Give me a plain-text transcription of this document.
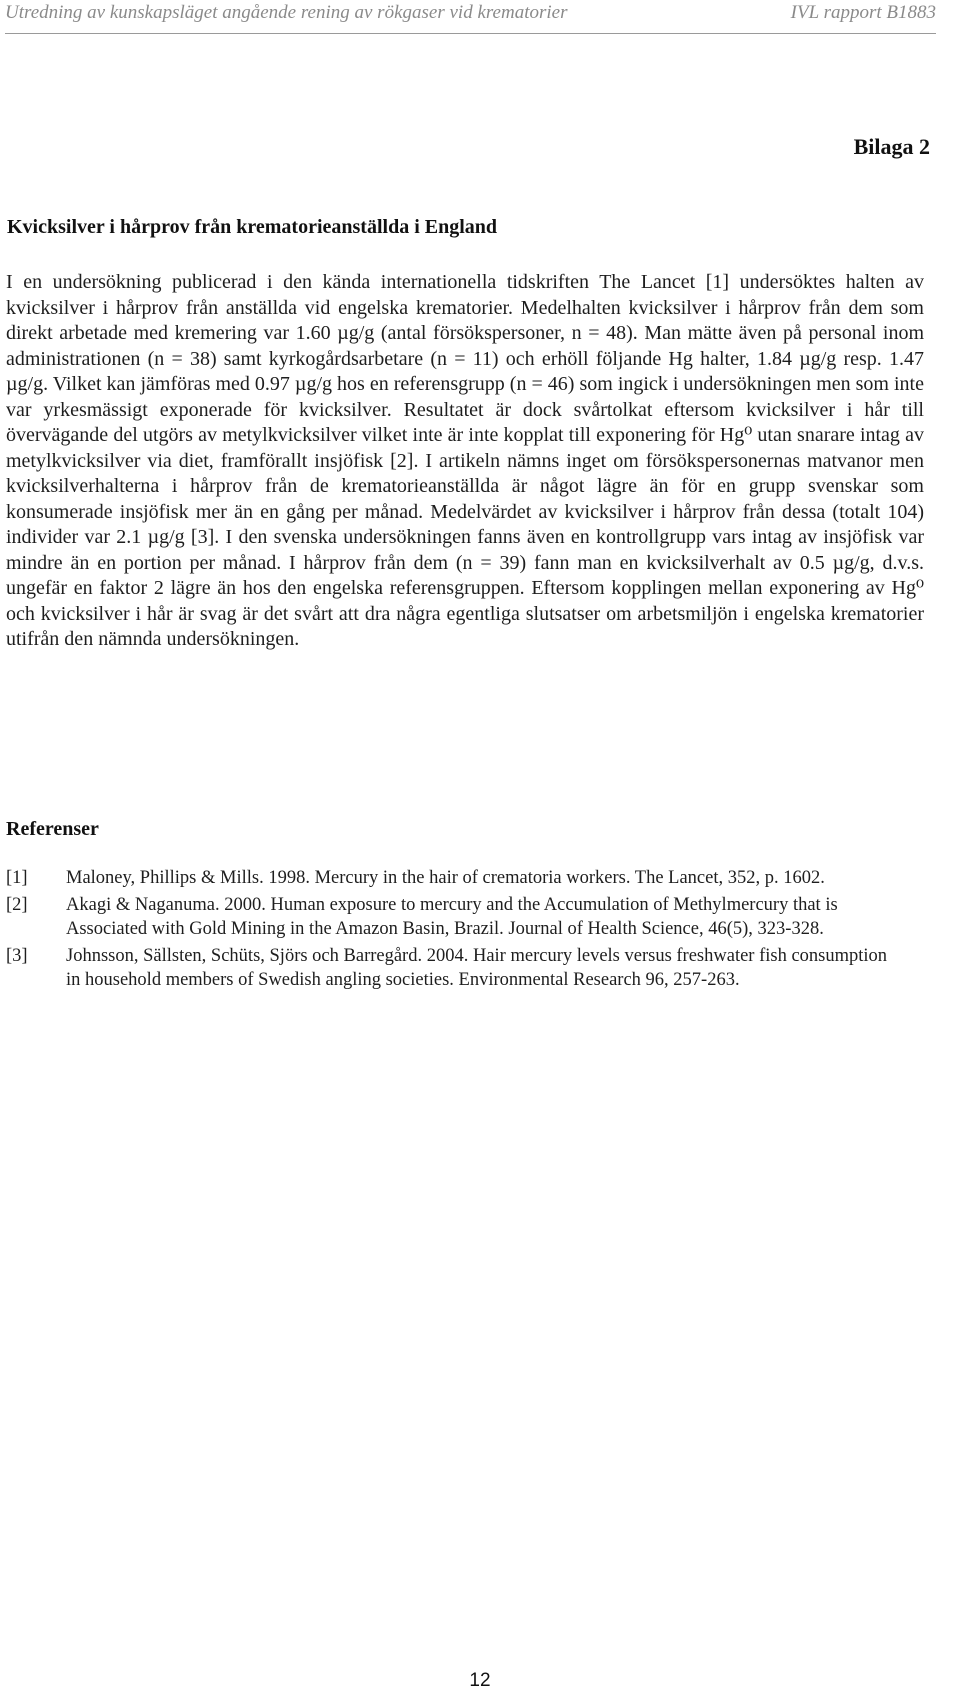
Utredning av kunskapsläget angående rening av rökgaser vid krematorier	IVL rapport B1883
Bilaga 2
Kvicksilver i hårprov från krematorieanställda i England

I en undersökning publicerad i den kända internationella tidskriften The Lancet [1] undersöktes halten av kvicksilver i hårprov från anställda vid engelska krematorier. Medelhalten kvicksilver i hårprov från dem som direkt arbetade med kremering var 1.60 µg/g (antal försökspersoner, n = 48). Man mätte även på personal inom administrationen (n = 38) samt kyrkogårdsarbetare (n = 11) och erhöll följande Hg halter, 1.84 µg/g resp. 1.47 µg/g. Vilket kan jämföras med 0.97 µg/g hos en referensgrupp (n = 46) som ingick i undersökningen men som inte var yrkesmässigt exponerade för kvicksilver. Resultatet är dock svårtolkat eftersom kvicksilver i hår till övervägande del utgörs av metylkvicksilver vilket inte är inte kopplat till exponering för Hg⁰ utan snarare intag av metylkvicksilver via diet, framförallt insjöfisk [2]. I artikeln nämns inget om försökspersonernas matvanor men kvicksilverhalterna i hårprov från de krematorieanställda är något lägre än för en grupp svenskar som konsumerade insjöfisk mer än en gång per månad. Medelvärdet av kvicksilver i hårprov från dessa (totalt 104) individer var 2.1 µg/g [3]. I den svenska undersökningen fanns även en kontrollgrupp vars intag av insjöfisk var mindre än en portion per månad. I hårprov från dem (n = 39) fann man en kvicksilverhalt av 0.5 µg/g, d.v.s. ungefär en faktor 2 lägre än hos den engelska referensgruppen. Eftersom kopplingen mellan exponering av Hg⁰ och kvicksilver i hår är svag är det svårt att dra några egentliga slutsatser om arbetsmiljön i engelska krematorier utifrån den nämnda undersökningen.

Referenser
[1] Maloney, Phillips & Mills. 1998. Mercury in the hair of crematoria workers. The Lancet, 352, p. 1602.
[2] Akagi & Naganuma. 2000. Human exposure to mercury and the Accumulation of Methylmercury that is Associated with Gold Mining in the Amazon Basin, Brazil. Journal of Health Science, 46(5), 323-328.
[3] Johnsson, Sällsten, Schüts, Sjörs och Barregård. 2004. Hair mercury levels versus freshwater fish consumption in household members of Swedish angling societies. Environmental Research 96, 257-263.
12
